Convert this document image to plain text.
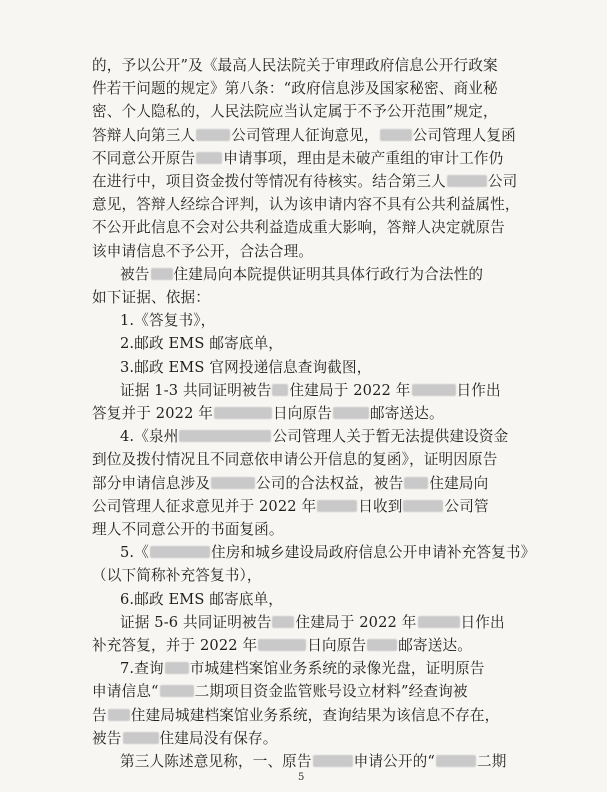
的，予以公开”及《最高人民法院关于审理政府信息公开行政案
件若干问题的规定》第八条：“政府信息涉及国家秘密、商业秘
密、个人隐私的，人民法院应当认定属于不予公开范围”规定，
答辩人向第三人 公司管理人征询意见， 公司管理人复函
不同意公开原告 申请事项，理由是未破产重组的审计工作仍
在进行中，项目资金拨付等情况有待核实。结合第三人	公司
意见，答辩人经综合评判，认为该申请内容不具有公共利益属性，
不公开此信息不会对公共利益造成重大影响，答辩人决定就原告
该申请信息不予公开，合法合理。
被告 住建局向本院提供证明其具体行政行为合法性的
如下证据、依据：
1.《答复书》，
2.邮政 EMS 邮寄底单，
3.邮政 EMS 官网投递信息查询截图，
证据 1-3 共同证明被告 住建局于 2022 年	日作出
答复并于 2022 年	日向原告	邮寄送达。
4.《泉州	公司管理人关于暂无法提供建设资金
到位及拨付情况且不同意依申请公开信息的复函》，证明因原告
部分申请信息涉及	公司的合法权益，被告 住建局向
公司管理人征求意见并于 2022 年	日收到	公司管
理人不同意公开的书面复函。
5.《	住房和城乡建设局政府信息公开申请补充答复书》
（以下简称补充答复书），
6.邮政 EMS 邮寄底单，
证据 5-6 共同证明被告 住建局于 2022 年	日作出
补充答复，并于 2022 年	日向原告 邮寄送达。
7.查询 市城建档案馆业务系统的录像光盘，证明原告
申请信息“ 二期项目资金监管账号设立材料”经查询被
告 住建局城建档案馆业务系统，查询结果为该信息不存在，
被告	住建局没有保存。
第三人陈述意见称，一、原告	申请公开的“	二期
5
